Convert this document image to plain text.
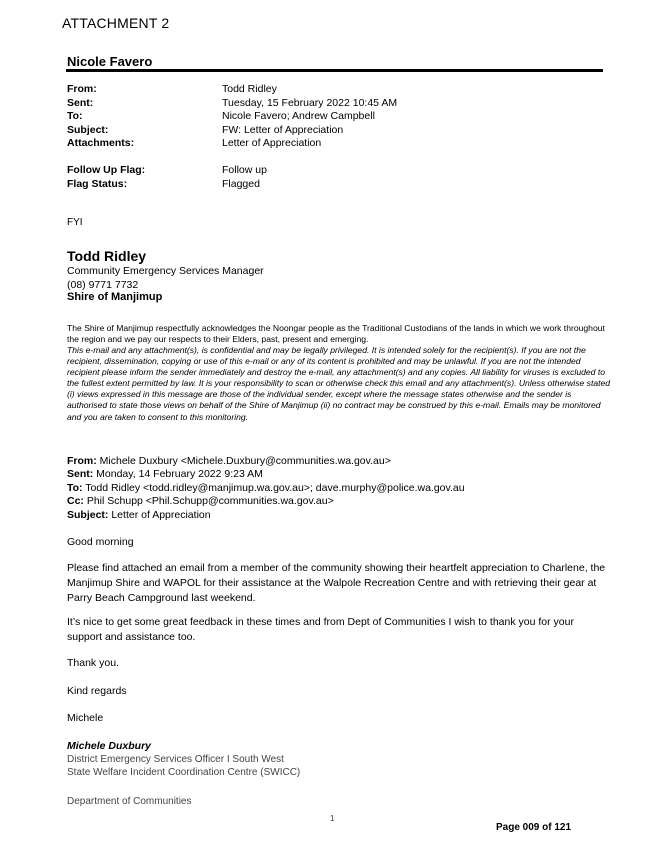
ATTACHMENT 2
Nicole Favero
From:	Todd Ridley
Sent:	Tuesday, 15 February 2022 10:45 AM
To:	Nicole Favero; Andrew Campbell
Subject:	FW: Letter of Appreciation
Attachments:	Letter of Appreciation
Follow Up Flag:	Follow up
Flag Status:	Flagged
FYI
Todd Ridley
Community Emergency Services Manager
(08) 9771 7732
Shire of Manjimup
The Shire of Manjimup respectfully acknowledges the Noongar people as the Traditional Custodians of the lands in which we work throughout the region and we pay our respects to their Elders, past, present and emerging.
This e-mail and any attachment(s), is confidential and may be legally privileged. It is intended solely for the recipient(s). If you are not the recipient, dissemination, copying or use of this e-mail or any of its content is prohibited and may be unlawful. If you are not the intended recipient please inform the sender immediately and destroy the e-mail, any attachment(s) and any copies. All liability for viruses is excluded to the fullest extent permitted by law. It is your responsibility to scan or otherwise check this email and any attachment(s). Unless otherwise stated (i) views expressed in this message are those of the individual sender, except where the message states otherwise and the sender is authorised to state those views on behalf of the Shire of Manjimup (ii) no contract may be construed by this e-mail. Emails may be monitored and you are taken to consent to this monitoring.
From: Michele Duxbury <Michele.Duxbury@communities.wa.gov.au>
Sent: Monday, 14 February 2022 9:23 AM
To: Todd Ridley <todd.ridley@manjimup.wa.gov.au>; dave.murphy@police.wa.gov.au
Cc: Phil Schupp <Phil.Schupp@communities.wa.gov.au>
Subject: Letter of Appreciation
Good morning
Please find attached an email from a member of the community showing their heartfelt appreciation to Charlene, the Manjimup Shire and WAPOL for their assistance at the Walpole Recreation Centre and with retrieving their gear at Parry Beach Campground last weekend.
It’s nice to get some great feedback in these times and from Dept of Communities I wish to thank you for your support and assistance too.
Thank you.
Kind regards
Michele
Michele Duxbury
District Emergency Services Officer I South West
State Welfare Incident Coordination Centre (SWICC)
Department of Communities
1
Page 009 of 121
